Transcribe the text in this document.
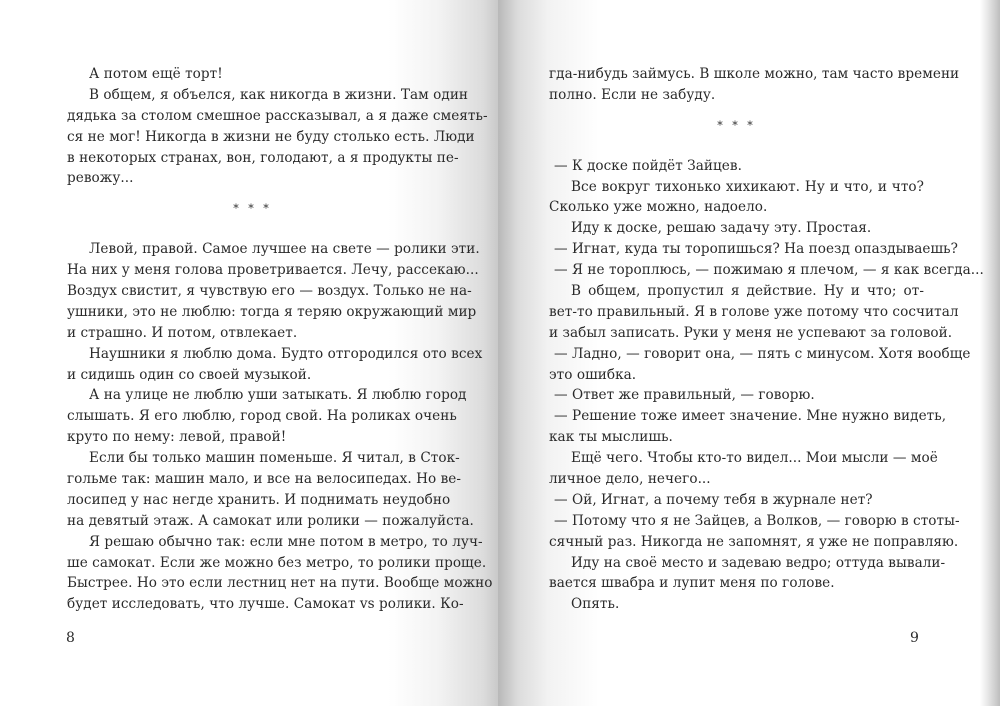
А потом ещё торт!
В общем, я объелся, как никогда в жизни. Там один
дядька за столом смешное рассказывал, а я даже смеять-
ся не мог! Никогда в жизни не буду столько есть. Люди
в некоторых странах, вон, голодают, а я продукты пе-
ревожу...
* * *
Левой, правой. Самое лучшее на свете — ролики эти.
На них у меня голова проветривается. Лечу, рассекаю...
Воздух свистит, я чувствую его — воздух. Только не на-
ушники, это не люблю: тогда я теряю окружающий мир
и страшно. И потом, отвлекает.
Наушники я люблю дома. Будто отгородился ото всех
и сидишь один со своей музыкой.
А на улице не люблю уши затыкать. Я люблю город
слышать. Я его люблю, город свой. На роликах очень
круто по нему: левой, правой!
Если бы только машин поменьше. Я читал, в Сток-
гольме так: машин мало, и все на велосипедах. Но ве-
лосипед у нас негде хранить. И поднимать неудобно
на девятый этаж. А самокат или ролики — пожалуйста.
Я решаю обычно так: если мне потом в метро, то луч-
ше самокат. Если же можно без метро, то ролики проще.
Быстрее. Но это если лестниц нет на пути. Вообще можно
будет исследовать, что лучше. Самокат vs ролики. Ко-
8
гда-нибудь займусь. В школе можно, там часто времени
полно. Если не забуду.
* * *
— К доске пойдёт Зайцев.
Все вокруг тихонько хихикают. Ну и что, и что?
Сколько уже можно, надоело.
Иду к доске, решаю задачу эту. Простая.
— Игнат, куда ты торопишься? На поезд опаздываешь?
— Я не тороплюсь, — пожимаю я плечом, — я как всегда...
В общем, пропустил я действие. Ну и что; от-
вет-то правильный. Я в голове уже потому что сосчитал
и забыл записать. Руки у меня не успевают за головой.
— Ладно, — говорит она, — пять с минусом. Хотя вообще
это ошибка.
— Ответ же правильный, — говорю.
— Решение тоже имеет значение. Мне нужно видеть,
как ты мыслишь.
Ещё чего. Чтобы кто-то видел... Мои мысли — моё
личное дело, нечего...
— Ой, Игнат, а почему тебя в журнале нет?
— Потому что я не Зайцев, а Волков, — говорю в стоты-
сячный раз. Никогда не запомнят, я уже не поправляю.
Иду на своё место и задеваю ведро; оттуда вывали-
вается швабра и лупит меня по голове.
Опять.
9
